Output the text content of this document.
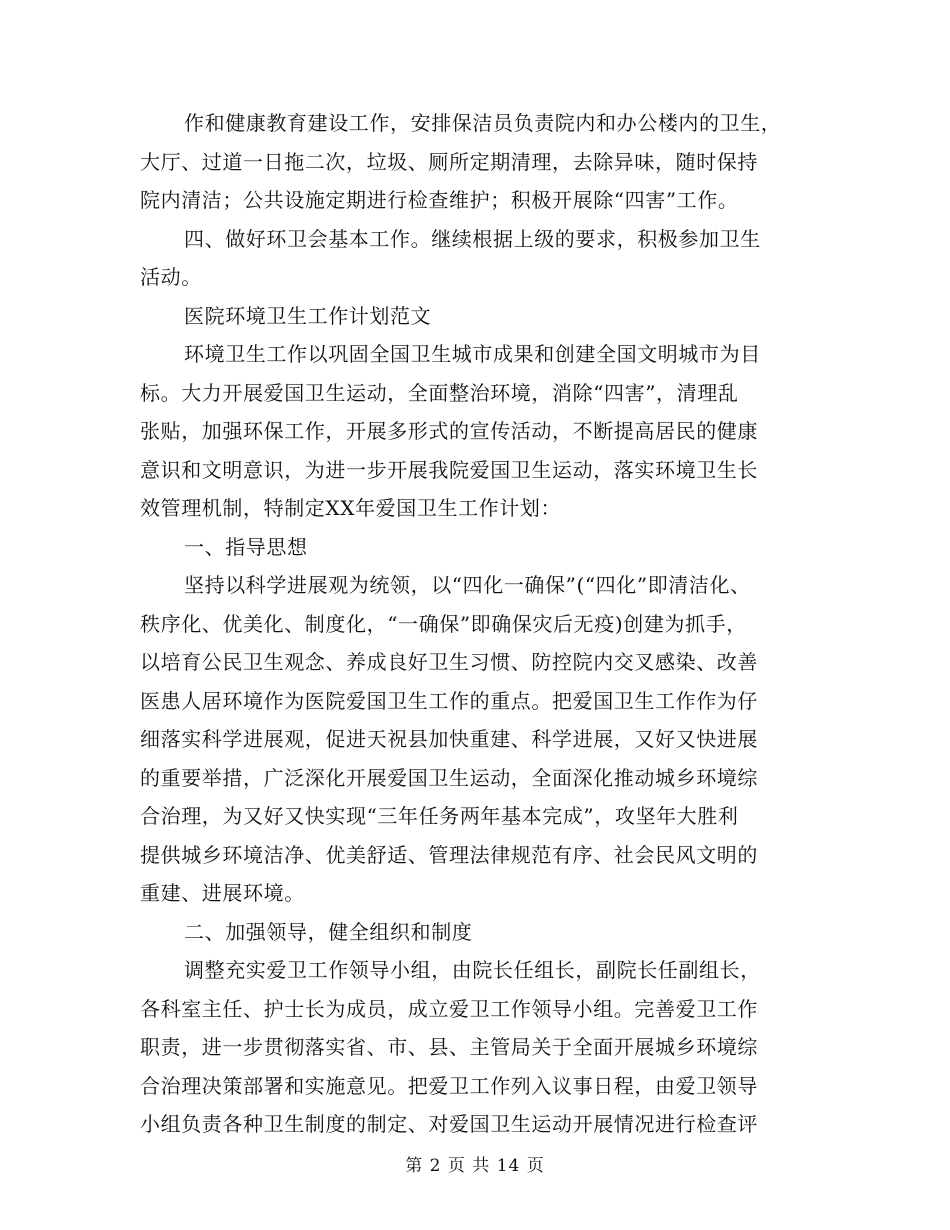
作和健康教育建设工作，安排保洁员负责院内和办公楼内的卫生，
大厅、过道一日拖二次，垃圾、厕所定期清理，去除异味，随时保持
院内清洁；公共设施定期进行检查维护；积极开展除“四害”工作。
四、做好环卫会基本工作。继续根据上级的要求，积极参加卫生
活动。
医院环境卫生工作计划范文
环境卫生工作以巩固全国卫生城市成果和创建全国文明城市为目
标。大力开展爱国卫生运动，全面整治环境，消除“四害”，清理乱
张贴，加强环保工作，开展多形式的宣传活动，不断提高居民的健康
意识和文明意识，为进一步开展我院爱国卫生运动，落实环境卫生长
效管理机制，特制定XX年爱国卫生工作计划：
一、指导思想
坚持以科学进展观为统领，以“四化一确保”(“四化”即清洁化、
秩序化、优美化、制度化，“一确保”即确保灾后无疫)创建为抓手，
以培育公民卫生观念、养成良好卫生习惯、防控院内交叉感染、改善
医患人居环境作为医院爱国卫生工作的重点。把爱国卫生工作作为仔
细落实科学进展观，促进天祝县加快重建、科学进展，又好又快进展
的重要举措，广泛深化开展爱国卫生运动，全面深化推动城乡环境综
合治理，为又好又快实现“三年任务两年基本完成”，攻坚年大胜利
提供城乡环境洁净、优美舒适、管理法律规范有序、社会民风文明的
重建、进展环境。
二、加强领导，健全组织和制度
调整充实爱卫工作领导小组，由院长任组长，副院长任副组长，
各科室主任、护士长为成员，成立爱卫工作领导小组。完善爱卫工作
职责，进一步贯彻落实省、市、县、主管局关于全面开展城乡环境综
合治理决策部署和实施意见。把爱卫工作列入议事日程，由爱卫领导
小组负责各种卫生制度的制定、对爱国卫生运动开展情况进行检查评
第 2 页 共 14 页
